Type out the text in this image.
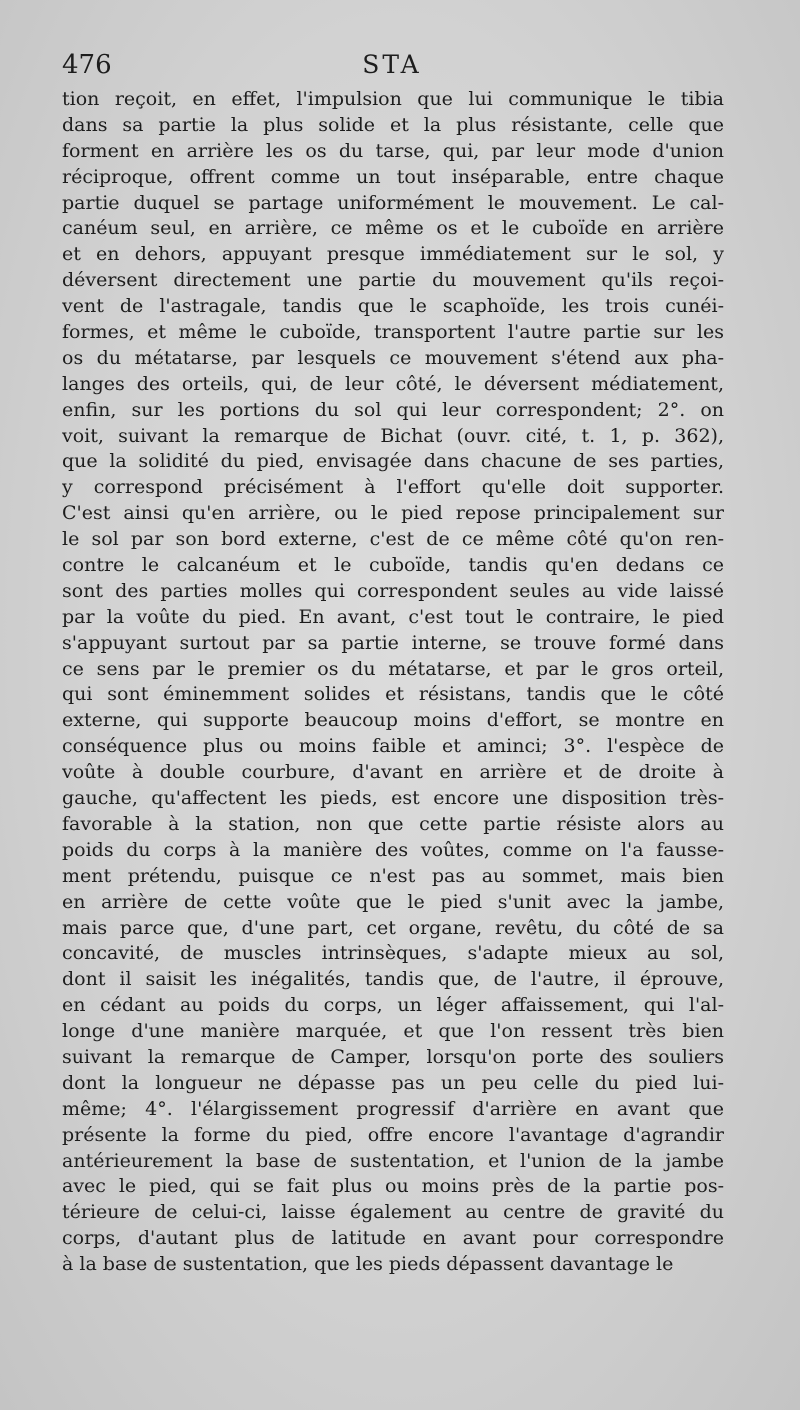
476	STA
tion reçoit, en effet, l'impulsion que lui communique le tibia
dans sa partie la plus solide et la plus résistante, celle que
forment en arrière les os du tarse, qui, par leur mode d'union
réciproque, offrent comme un tout inséparable, entre chaque
partie duquel se partage uniformément le mouvement. Le cal-
canéum seul, en arrière, ce même os et le cuboïde en arrière
et en dehors, appuyant presque immédiatement sur le sol, y
déversent directement une partie du mouvement qu'ils reçoi-
vent de l'astragale, tandis que le scaphoïde, les trois cunéi-
formes, et même le cuboïde, transportent l'autre partie sur les
os du métatarse, par lesquels ce mouvement s'étend aux pha-
langes des orteils, qui, de leur côté, le déversent médiatement,
enfin, sur les portions du sol qui leur correspondent; 2°. on
voit, suivant la remarque de Bichat (ouvr. cité, t. 1, p. 362),
que la solidité du pied, envisagée dans chacune de ses parties,
y correspond précisément à l'effort qu'elle doit supporter.
C'est ainsi qu'en arrière, ou le pied repose principalement sur
le sol par son bord externe, c'est de ce même côté qu'on ren-
contre le calcanéum et le cuboïde, tandis qu'en dedans ce
sont des parties molles qui correspondent seules au vide laissé
par la voûte du pied. En avant, c'est tout le contraire, le pied
s'appuyant surtout par sa partie interne, se trouve formé dans
ce sens par le premier os du métatarse, et par le gros orteil,
qui sont éminemment solides et résistans, tandis que le côté
externe, qui supporte beaucoup moins d'effort, se montre en
conséquence plus ou moins faible et aminci; 3°. l'espèce de
voûte à double courbure, d'avant en arrière et de droite à
gauche, qu'affectent les pieds, est encore une disposition très-
favorable à la station, non que cette partie résiste alors au
poids du corps à la manière des voûtes, comme on l'a fausse-
ment prétendu, puisque ce n'est pas au sommet, mais bien
en arrière de cette voûte que le pied s'unit avec la jambe,
mais parce que, d'une part, cet organe, revêtu, du côté de sa
concavité, de muscles intrinsèques, s'adapte mieux au sol,
dont il saisit les inégalités, tandis que, de l'autre, il éprouve,
en cédant au poids du corps, un léger affaissement, qui l'al-
longe d'une manière marquée, et que l'on ressent très bien
suivant la remarque de Camper, lorsqu'on porte des souliers
dont la longueur ne dépasse pas un peu celle du pied lui-
même; 4°. l'élargissement progressif d'arrière en avant que
présente la forme du pied, offre encore l'avantage d'agrandir
antérieurement la base de sustentation, et l'union de la jambe
avec le pied, qui se fait plus ou moins près de la partie pos-
térieure de celui-ci, laisse également au centre de gravité du
corps, d'autant plus de latitude en avant pour correspondre
à la base de sustentation, que les pieds dépassent davantage le
